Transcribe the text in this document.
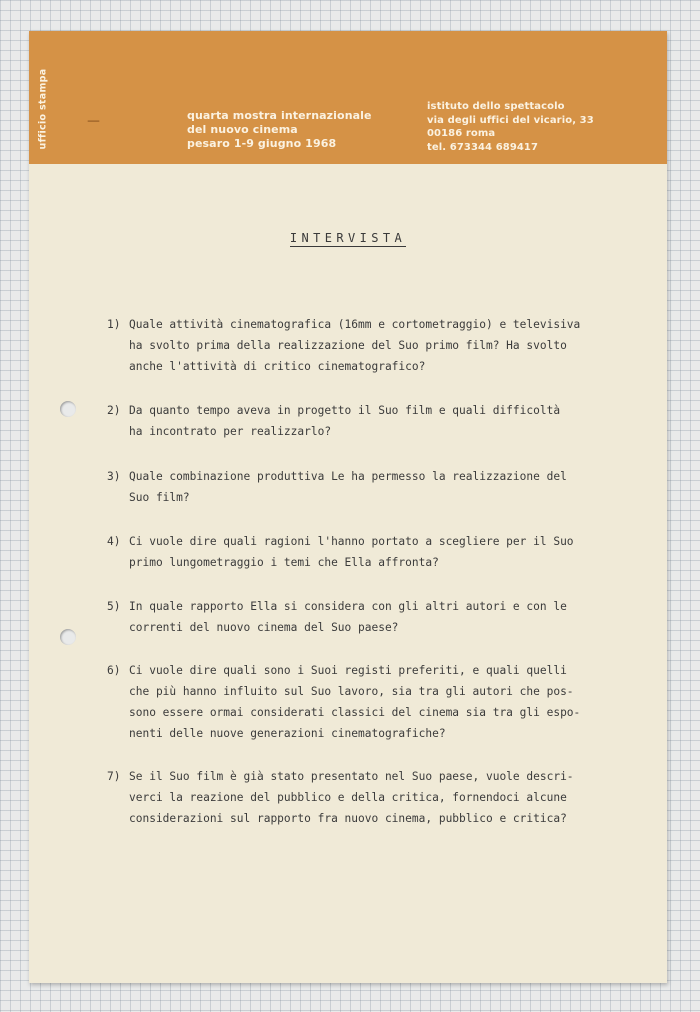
ufficio stampa	—	quarta mostra internazionale
del nuovo cinema
pesaro 1-9 giugno 1968
istituto dello spettacolo
via degli uffici del vicario, 33
00186 roma
tel. 673344 689417
INTERVISTA
1) Quale attività cinematografica (16mm e cortometraggio) e televisiva
ha svolto prima della realizzazione del Suo primo film? Ha svolto
anche l'attività di critico cinematografico?
2) Da quanto tempo aveva in progetto il Suo film e quali difficoltà
ha incontrato per realizzarlo?
3) Quale combinazione produttiva Le ha permesso la realizzazione del
Suo film?
4) Ci vuole dire quali ragioni l'hanno portato a scegliere per il Suo
primo lungometraggio i temi che Ella affronta?
5) In quale rapporto Ella si considera con gli altri autori e con le
correnti del nuovo cinema del Suo paese?
6) Ci vuole dire quali sono i Suoi registi preferiti, e quali quelli
che più hanno influito sul Suo lavoro, sia tra gli autori che pos-
sono essere ormai considerati classici del cinema sia tra gli espo-
nenti delle nuove generazioni cinematografiche?
7) Se il Suo film è già stato presentato nel Suo paese, vuole descri-
verci la reazione del pubblico e della critica, fornendoci alcune
considerazioni sul rapporto fra nuovo cinema, pubblico e critica?
